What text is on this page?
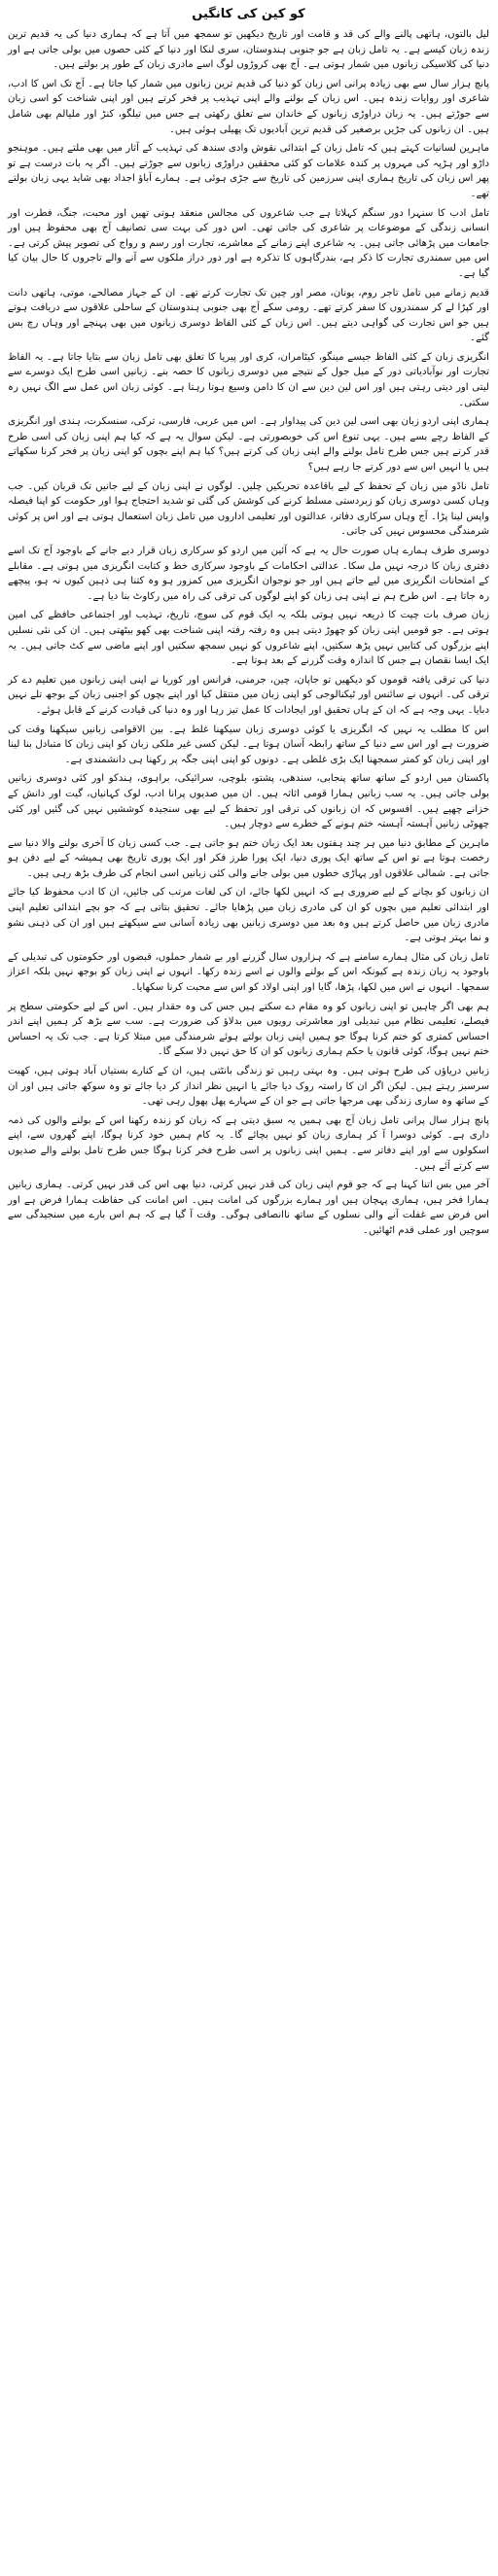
کو کین کی کانگیں

لیل بالتوں، ہاتھی پالنے والے کی قد و قامت اور تاریخ دیکھیں تو سمجھ میں آتا ہے کہ ہماری دنیا کی یہ قدیم ترین زندہ زبان کیسے ہے۔ یہ تامل زبان ہے جو جنوبی ہندوستان، سری لنکا اور دنیا کے کئی حصوں میں بولی جاتی ہے اور دنیا کی کلاسیکی زبانوں میں شمار ہوتی ہے۔ آج بھی کروڑوں لوگ اسے مادری زبان کے طور پر بولتے ہیں۔

پانچ ہزار سال سے بھی زیادہ پرانی اس زبان کو دنیا کی قدیم ترین زبانوں میں شمار کیا جاتا ہے۔ آج تک اس کا ادب، شاعری اور روایات زندہ ہیں۔ اس زبان کے بولنے والے اپنی تہذیب پر فخر کرتے ہیں اور اپنی شناخت کو اسی زبان سے جوڑتے ہیں۔ یہ زبان دراوڑی زبانوں کے خاندان سے تعلق رکھتی ہے جس میں تیلگو، کنڑ اور ملیالم بھی شامل ہیں۔ ان زبانوں کی جڑیں برصغیر کی قدیم ترین آبادیوں تک پھیلی ہوئی ہیں۔

ماہرین لسانیات کہتے ہیں کہ تامل زبان کے ابتدائی نقوش وادی سندھ کی تہذیب کے آثار میں بھی ملتے ہیں۔ موہنجو داڑو اور ہڑپہ کی مہروں پر کندہ علامات کو کئی محققین دراوڑی زبانوں سے جوڑتے ہیں۔ اگر یہ بات درست ہے تو پھر اس زبان کی تاریخ ہماری اپنی سرزمین کی تاریخ سے جڑی ہوئی ہے۔ ہمارے آباؤ اجداد بھی شاید یہی زبان بولتے تھے۔

تامل ادب کا سنہرا دور سنگم کہلاتا ہے جب شاعروں کی مجالس منعقد ہوتی تھیں اور محبت، جنگ، فطرت اور انسانی زندگی کے موضوعات پر شاعری کی جاتی تھی۔ اس دور کی بہت سی تصانیف آج بھی محفوظ ہیں اور جامعات میں پڑھائی جاتی ہیں۔ یہ شاعری اپنے زمانے کے معاشرے، تجارت اور رسم و رواج کی تصویر پیش کرتی ہے۔ اس میں سمندری تجارت کا ذکر ہے، بندرگاہوں کا تذکرہ ہے اور دور دراز ملکوں سے آنے والے تاجروں کا حال بیان کیا گیا ہے۔

قدیم زمانے میں تامل تاجر روم، یونان، مصر اور چین تک تجارت کرتے تھے۔ ان کے جہاز مصالحے، موتی، ہاتھی دانت اور کپڑا لے کر سمندروں کا سفر کرتے تھے۔ رومی سکے آج بھی جنوبی ہندوستان کے ساحلی علاقوں سے دریافت ہوتے ہیں جو اس تجارت کی گواہی دیتے ہیں۔ اس زبان کے کئی الفاظ دوسری زبانوں میں بھی پہنچے اور وہاں رچ بس گئے۔

انگریزی زبان کے کئی الفاظ جیسے مینگو، کیٹامران، کری اور پیریا کا تعلق بھی تامل زبان سے بتایا جاتا ہے۔ یہ الفاظ تجارت اور نوآبادیاتی دور کے میل جول کے نتیجے میں دوسری زبانوں کا حصہ بنے۔ زبانیں اسی طرح ایک دوسرے سے لیتی اور دیتی رہتی ہیں اور اس لین دین سے ان کا دامن وسیع ہوتا رہتا ہے۔ کوئی زبان اس عمل سے الگ نہیں رہ سکتی۔

ہماری اپنی اردو زبان بھی اسی لین دین کی پیداوار ہے۔ اس میں عربی، فارسی، ترکی، سنسکرت، ہندی اور انگریزی کے الفاظ رچے بسے ہیں۔ یہی تنوع اس کی خوبصورتی ہے۔ لیکن سوال یہ ہے کہ کیا ہم اپنی زبان کی اسی طرح قدر کرتے ہیں جس طرح تامل بولنے والے اپنی زبان کی کرتے ہیں؟ کیا ہم اپنے بچوں کو اپنی زبان پر فخر کرنا سکھاتے ہیں یا انہیں اس سے دور کرتے جا رہے ہیں؟

تامل ناڈو میں زبان کے تحفظ کے لیے باقاعدہ تحریکیں چلیں۔ لوگوں نے اپنی زبان کے لیے جانیں تک قربان کیں۔ جب وہاں کسی دوسری زبان کو زبردستی مسلط کرنے کی کوشش کی گئی تو شدید احتجاج ہوا اور حکومت کو اپنا فیصلہ واپس لینا پڑا۔ آج وہاں سرکاری دفاتر، عدالتوں اور تعلیمی اداروں میں تامل زبان استعمال ہوتی ہے اور اس پر کوئی شرمندگی محسوس نہیں کی جاتی۔

دوسری طرف ہمارے ہاں صورت حال یہ ہے کہ آئین میں اردو کو سرکاری زبان قرار دیے جانے کے باوجود آج تک اسے دفتری زبان کا درجہ نہیں مل سکا۔ عدالتی احکامات کے باوجود سرکاری خط و کتابت انگریزی میں ہوتی ہے۔ مقابلے کے امتحانات انگریزی میں لیے جاتے ہیں اور جو نوجوان انگریزی میں کمزور ہو وہ کتنا ہی ذہین کیوں نہ ہو، پیچھے رہ جاتا ہے۔ اس طرح ہم نے اپنی ہی زبان کو اپنے لوگوں کی ترقی کی راہ میں رکاوٹ بنا دیا ہے۔

زبان صرف بات چیت کا ذریعہ نہیں ہوتی بلکہ یہ ایک قوم کی سوچ، تاریخ، تہذیب اور اجتماعی حافظے کی امین ہوتی ہے۔ جو قومیں اپنی زبان کو چھوڑ دیتی ہیں وہ رفتہ رفتہ اپنی شناخت بھی کھو بیٹھتی ہیں۔ ان کی نئی نسلیں اپنے بزرگوں کی کتابیں نہیں پڑھ سکتیں، اپنے شاعروں کو نہیں سمجھ سکتیں اور اپنے ماضی سے کٹ جاتی ہیں۔ یہ ایک ایسا نقصان ہے جس کا اندازہ وقت گزرنے کے بعد ہوتا ہے۔

دنیا کی ترقی یافتہ قوموں کو دیکھیں تو جاپان، چین، جرمنی، فرانس اور کوریا نے اپنی اپنی زبانوں میں تعلیم دے کر ترقی کی۔ انہوں نے سائنس اور ٹیکنالوجی کو اپنی زبان میں منتقل کیا اور اپنے بچوں کو اجنبی زبان کے بوجھ تلے نہیں دبایا۔ یہی وجہ ہے کہ ان کے ہاں تحقیق اور ایجادات کا عمل تیز رہا اور وہ دنیا کی قیادت کرنے کے قابل ہوئے۔

اس کا مطلب یہ نہیں کہ انگریزی یا کوئی دوسری زبان سیکھنا غلط ہے۔ بین الاقوامی زبانیں سیکھنا وقت کی ضرورت ہے اور اس سے دنیا کے ساتھ رابطہ آسان ہوتا ہے۔ لیکن کسی غیر ملکی زبان کو اپنی زبان کا متبادل بنا لینا اور اپنی زبان کو کمتر سمجھنا ایک بڑی غلطی ہے۔ دونوں کو اپنی اپنی جگہ پر رکھنا ہی دانشمندی ہے۔

پاکستان میں اردو کے ساتھ ساتھ پنجابی، سندھی، پشتو، بلوچی، سرائیکی، براہوی، ہندکو اور کئی دوسری زبانیں بولی جاتی ہیں۔ یہ سب زبانیں ہمارا قومی اثاثہ ہیں۔ ان میں صدیوں پرانا ادب، لوک کہانیاں، گیت اور دانش کے خزانے چھپے ہیں۔ افسوس کہ ان زبانوں کی ترقی اور تحفظ کے لیے بھی سنجیدہ کوششیں نہیں کی گئیں اور کئی چھوٹی زبانیں آہستہ آہستہ ختم ہونے کے خطرے سے دوچار ہیں۔

ماہرین کے مطابق دنیا میں ہر چند ہفتوں بعد ایک زبان ختم ہو جاتی ہے۔ جب کسی زبان کا آخری بولنے والا دنیا سے رخصت ہوتا ہے تو اس کے ساتھ ایک پوری دنیا، ایک پورا طرز فکر اور ایک پوری تاریخ بھی ہمیشہ کے لیے دفن ہو جاتی ہے۔ شمالی علاقوں اور پہاڑی خطوں میں بولی جانے والی کئی زبانیں اسی انجام کی طرف بڑھ رہی ہیں۔

ان زبانوں کو بچانے کے لیے ضروری ہے کہ انہیں لکھا جائے، ان کی لغات مرتب کی جائیں، ان کا ادب محفوظ کیا جائے اور ابتدائی تعلیم میں بچوں کو ان کی مادری زبان میں پڑھایا جائے۔ تحقیق بتاتی ہے کہ جو بچے ابتدائی تعلیم اپنی مادری زبان میں حاصل کرتے ہیں وہ بعد میں دوسری زبانیں بھی زیادہ آسانی سے سیکھتے ہیں اور ان کی ذہنی نشو و نما بہتر ہوتی ہے۔

تامل زبان کی مثال ہمارے سامنے ہے کہ ہزاروں سال گزرنے اور بے شمار حملوں، قبضوں اور حکومتوں کی تبدیلی کے باوجود یہ زبان زندہ ہے کیونکہ اس کے بولنے والوں نے اسے زندہ رکھا۔ انہوں نے اپنی زبان کو بوجھ نہیں بلکہ اعزاز سمجھا۔ انہوں نے اس میں لکھا، پڑھا، گایا اور اپنی اولاد کو اس سے محبت کرنا سکھایا۔

ہم بھی اگر چاہیں تو اپنی زبانوں کو وہ مقام دے سکتے ہیں جس کی وہ حقدار ہیں۔ اس کے لیے حکومتی سطح پر فیصلے، تعلیمی نظام میں تبدیلی اور معاشرتی رویوں میں بدلاؤ کی ضرورت ہے۔ سب سے بڑھ کر ہمیں اپنے اندر احساس کمتری کو ختم کرنا ہوگا جو ہمیں اپنی زبان بولتے ہوئے شرمندگی میں مبتلا کرتا ہے۔ جب تک یہ احساس ختم نہیں ہوگا، کوئی قانون یا حکم ہماری زبانوں کو ان کا حق نہیں دلا سکے گا۔

زبانیں دریاؤں کی طرح ہوتی ہیں۔ وہ بہتی رہیں تو زندگی بانٹتی ہیں، ان کے کنارے بستیاں آباد ہوتی ہیں، کھیت سرسبز رہتے ہیں۔ لیکن اگر ان کا راستہ روک دیا جائے یا انہیں نظر انداز کر دیا جائے تو وہ سوکھ جاتی ہیں اور ان کے ساتھ وہ ساری زندگی بھی مرجھا جاتی ہے جو ان کے سہارے پھل پھول رہی تھی۔

پانچ ہزار سال پرانی تامل زبان آج بھی ہمیں یہ سبق دیتی ہے کہ زبان کو زندہ رکھنا اس کے بولنے والوں کی ذمہ داری ہے۔ کوئی دوسرا آ کر ہماری زبان کو نہیں بچائے گا۔ یہ کام ہمیں خود کرنا ہوگا، اپنے گھروں سے، اپنے اسکولوں سے اور اپنے دفاتر سے۔ ہمیں اپنی زبانوں پر اسی طرح فخر کرنا ہوگا جس طرح تامل بولنے والے صدیوں سے کرتے آئے ہیں۔

آخر میں بس اتنا کہنا ہے کہ جو قوم اپنی زبان کی قدر نہیں کرتی، دنیا بھی اس کی قدر نہیں کرتی۔ ہماری زبانیں ہمارا فخر ہیں، ہماری پہچان ہیں اور ہمارے بزرگوں کی امانت ہیں۔ اس امانت کی حفاظت ہمارا فرض ہے اور اس فرض سے غفلت آنے والی نسلوں کے ساتھ ناانصافی ہوگی۔ وقت آ گیا ہے کہ ہم اس بارے میں سنجیدگی سے سوچیں اور عملی قدم اٹھائیں۔
